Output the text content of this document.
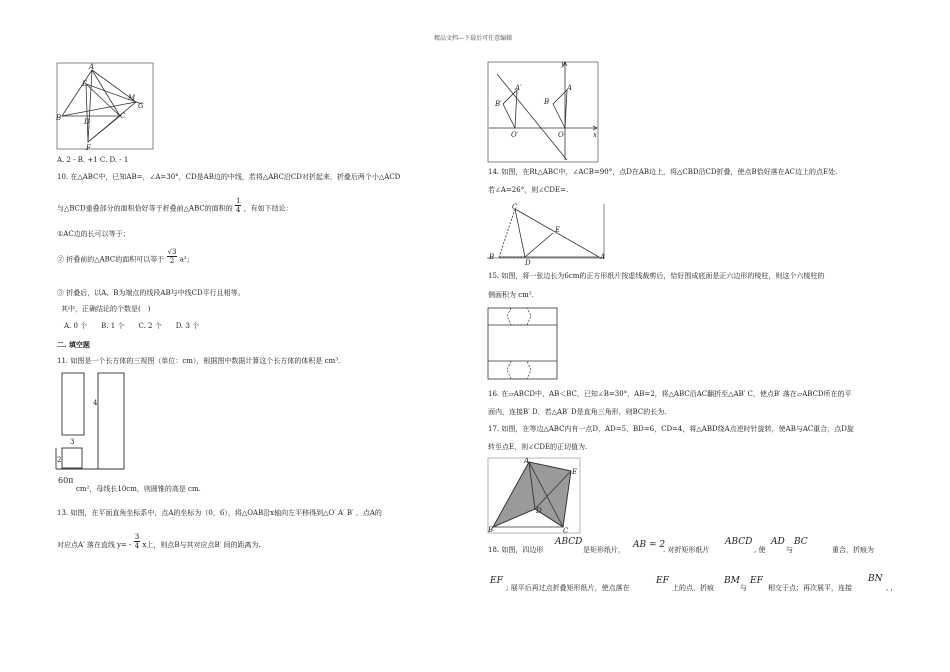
精品文档---下载后可任意编辑
A
E
M
G
B	D
C
F
A. 2 - B. +1 C. D. - 1
10. 在△ABC中，已知AB=，∠A=30°，CD是AB边的中线，若将△ABC沿CD对折起来，折叠后两个小△ACD
与△BCD重叠部分的面积恰好等于折叠前△ABC的面积的 $\frac{1}{4}$ ，有如下结论：
①AC边的长可以等于；
② 折叠前的△ABC的面积可以等于 $\frac{√3}{2} a^2$；
③ 折叠后，以A、B为端点的线段AB与中线CD平行且相等。
其中，正确结论的个数是(　)
A. 0 个　　B. 1 个　　C. 2 个　　D. 3 个
二. 填空题
11. 如图是一个长方体的三视图（单位：cm），根据图中数据计算这个长方体的体积是 cm³.
4
3
2
60π
cm²，母线长10cm，则圆锥的高是 cm.
13. 如图，在平面直角坐标系中，点A的坐标为（0，6），将△OAB沿x轴向左平移得到△O′ A′ B′ ，点A的
对应点A′ 落在直线 $y= - \frac{3}{4}$ x上，则点B与其对应点B′ 间的距离为.
y
A′
B′	B
A
O′	O	x
14. 如图，在Rt△ABC中，∠ACB=90°，点D在AB边上，将△CBD沿CD折叠，使点B恰好落在AC边上的点E处.
若∠A=26°，则∠CDE=.
C
E
B
D
A
15. 如图，将一张边长为6cm的正方形纸片按虚线裁剪后，恰好围成底面是正六边形的棱柱，则这个六棱柱的
侧面积为 cm².
16. 在▱ABCD中，AB＜BC，已知∠B=30°，AB=2，将△ABC沿AC翻折至△AB′ C，使点B′ 落在▱ABCD所在的平
面内，连接B′ D．若△AB′ D是直角三角形，则BC的长为.
17. 如图，在等边△ABC内有一点D，AD=5，BD=6，CD=4，将△ABD绕A点逆时针旋转，使AB与AC重合，点D旋
转至点E，则∠CDE的正切值为.
A
E
D
B	C
18. 如图，四边形
ABCD
是矩形纸片， AB = 2
. 对折矩形纸片
ABCD
, 使
AD
与
BC
重合，折痕为
EF
; 展平后再过点折叠矩形纸片，使点落在
EF
上的点，折痕
BM
与
EF
相交于点；再次展平，连接
BN
, ,
